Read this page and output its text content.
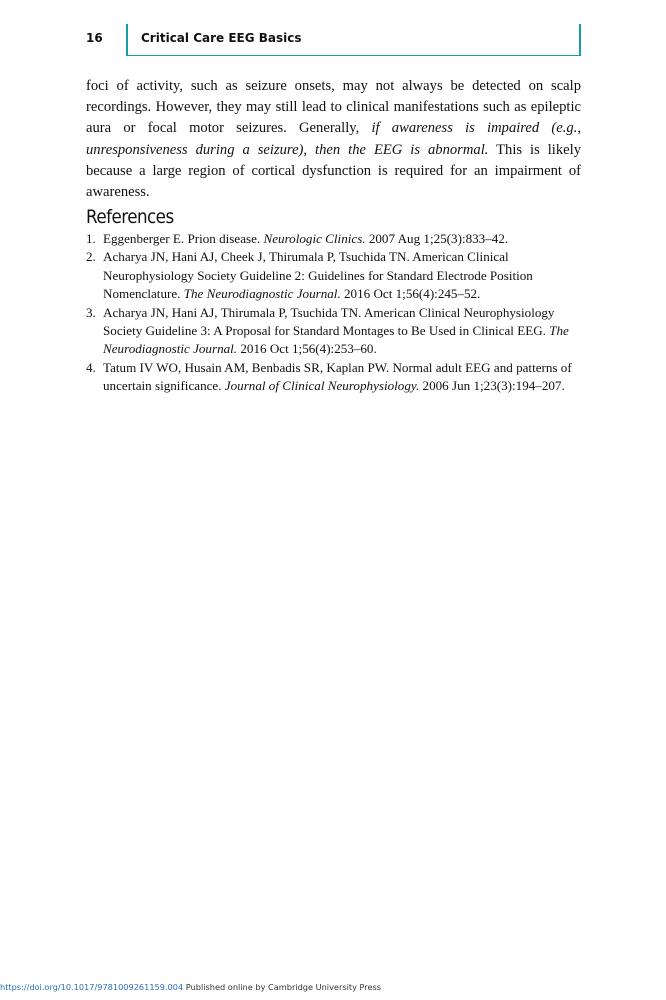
16	Critical Care EEG Basics

foci of activity, such as seizure onsets, may not always be detected on scalp recordings. However, they may still lead to clinical manifestations such as epileptic aura or focal motor seizures. Generally, if awareness is impaired (e.g., unresponsiveness during a seizure), then the EEG is abnormal. This is likely because a large region of cortical dysfunction is required for an impairment of awareness.

References
1. Eggenberger E. Prion disease. Neurologic Clinics. 2007 Aug 1;25(3):833–42.
2. Acharya JN, Hani AJ, Cheek J, Thirumala P, Tsuchida TN. American Clinical Neurophysiology Society Guideline 2: Guidelines for Standard Electrode Position Nomenclature. The Neurodiagnostic Journal. 2016 Oct 1;56(4):245–52.
3. Acharya JN, Hani AJ, Thirumala P, Tsuchida TN. American Clinical Neurophysiology Society Guideline 3: A Proposal for Standard Montages to Be Used in Clinical EEG. The Neurodiagnostic Journal. 2016 Oct 1;56(4):253–60.
4. Tatum IV WO, Husain AM, Benbadis SR, Kaplan PW. Normal adult EEG and patterns of uncertain significance. Journal of Clinical Neurophysiology. 2006 Jun 1;23(3):194–207.
https://doi.org/10.1017/9781009261159.004 Published online by Cambridge University Press
